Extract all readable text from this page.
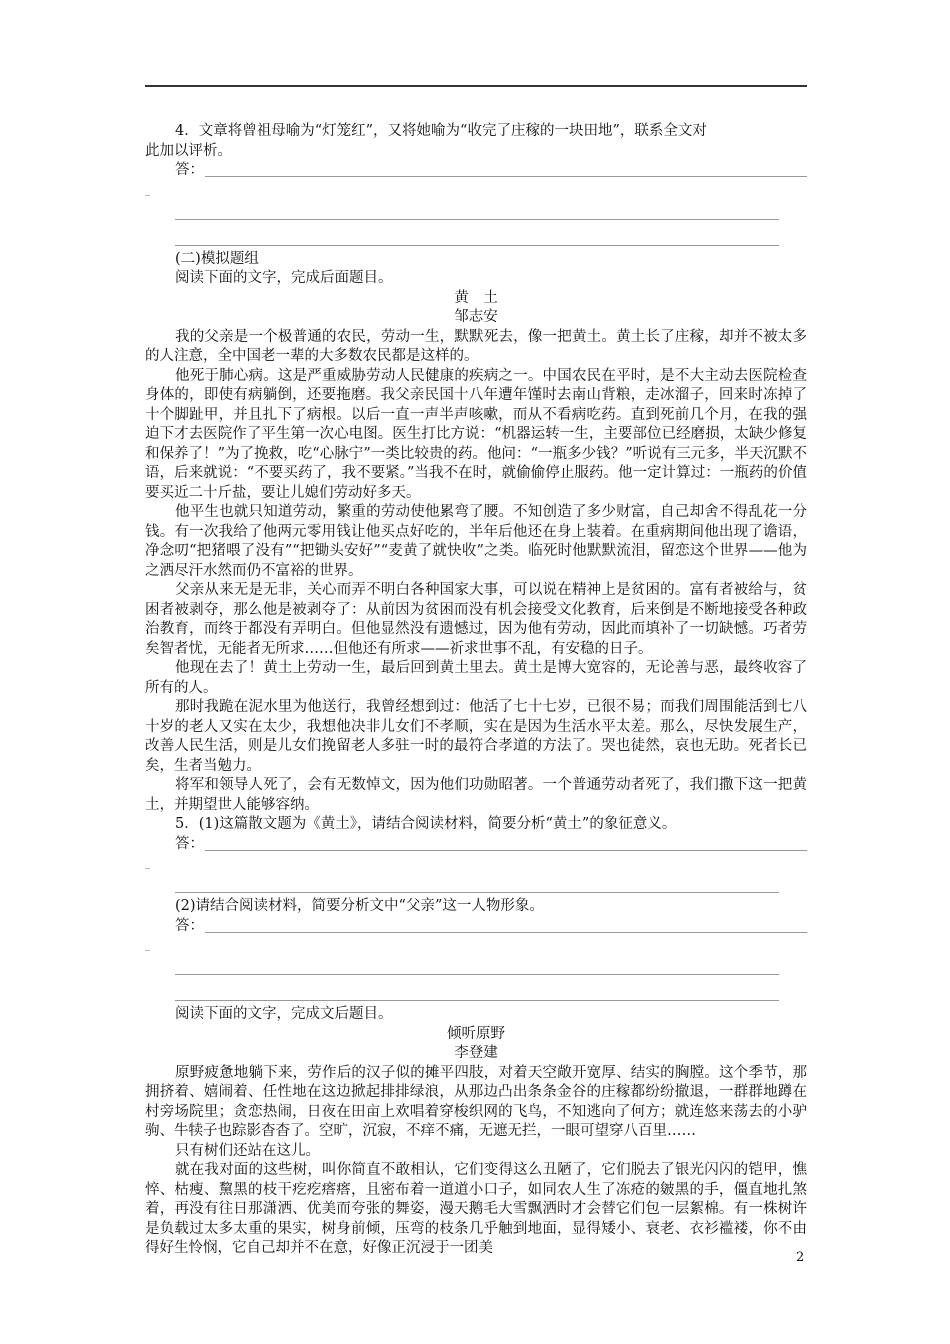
4．文章将曾祖母喻为“灯笼红”，又将她喻为“收完了庄稼的一块田地”，联系全文对

此加以评析。

答：
_
(二)模拟题组
阅读下面的文字，完成后面题目。
黄　土
邹志安

我的父亲是一个极普通的农民，劳动一生，默默死去，像一把黄土。黄土长了庄稼，却并不被太多的人注意，全中国老一辈的大多数农民都是这样的。

他死于肺心病。这是严重威胁劳动人民健康的疾病之一。中国农民在平时，是不大主动去医院检查身体的，即使有病躺倒，还要拖磨。我父亲民国十八年遭年馑时去南山背粮，走冰溜子，回来时冻掉了十个脚趾甲，并且扎下了病根。以后一直一声半声咳嗽，而从不看病吃药。直到死前几个月，在我的强迫下才去医院作了平生第一次心电图。医生打比方说：“机器运转一生，主要部位已经磨损，太缺少修复和保养了！”为了挽救，吃“心脉宁”一类比较贵的药。他问：“一瓶多少钱？”听说有三元多，半天沉默不语，后来就说：“不要买药了，我不要紧。”当我不在时，就偷偷停止服药。他一定计算过：一瓶药的价值要买近二十斤盐，要让儿媳们劳动好多天。

他平生也就只知道劳动，繁重的劳动使他累弯了腰。不知创造了多少财富，自己却舍不得乱花一分钱。有一次我给了他两元零用钱让他买点好吃的，半年后他还在身上装着。在重病期间他出现了谵语，净念叨“把猪喂了没有”“把锄头安好”“麦黄了就快收”之类。临死时他默默流泪，留恋这个世界——他为之洒尽汗水然而仍不富裕的世界。

父亲从来无是无非，关心而弄不明白各种国家大事，可以说在精神上是贫困的。富有者被给与，贫困者被剥夺，那么他是被剥夺了：从前因为贫困而没有机会接受文化教育，后来倒是不断地接受各种政治教育，而终于都没有弄明白。但他显然没有遗憾过，因为他有劳动，因此而填补了一切缺憾。巧者劳矣智者忧，无能者无所求……但他还有所求——祈求世事不乱，有安稳的日子。

他现在去了！黄土上劳动一生，最后回到黄土里去。黄土是博大宽容的，无论善与恶，最终收容了所有的人。

那时我跪在泥水里为他送行，我曾经想到过：他活了七十七岁，已很不易；而我们周围能活到七八十岁的老人又实在太少，我想他决非儿女们不孝顺，实在是因为生活水平太差。那么，尽快发展生产，改善人民生活，则是儿女们挽留老人多驻一时的最符合孝道的方法了。哭也徒然，哀也无助。死者长已矣，生者当勉力。

将军和领导人死了，会有无数悼文，因为他们功勋昭著。一个普通劳动者死了，我们撒下这一把黄土，并期望世人能够容纳。

5．(1)这篇散文题为《黄土》，请结合阅读材料，简要分析“黄土”的象征意义。

答：
_

(2)请结合阅读材料，简要分析文中“父亲”这一人物形象。

答：
_
阅读下面的文字，完成文后题目。
倾听原野
李登建

原野疲惫地躺下来，劳作后的汉子似的摊平四肢，对着天空敞开宽厚、结实的胸膛。这个季节，那拥挤着、嬉闹着、任性地在这边掀起排排绿浪，从那边凸出条条金谷的庄稼都纷纷撤退，一群群地蹲在村旁场院里；贪恋热闹，日夜在田亩上欢唱着穿梭织网的飞鸟，不知逃向了何方；就连悠来荡去的小驴驹、牛犊子也踪影杳杳了。空旷，沉寂，不痒不痛，无遮无拦，一眼可望穿八百里……

只有树们还站在这儿。

就在我对面的这些树，叫你简直不敢相认，它们变得这么丑陋了，它们脱去了银光闪闪的铠甲，憔悴、枯瘦、黧黑的枝干疙疙瘩瘩，且密布着一道道小口子，如同农人生了冻疮的皴黑的手，僵直地扎煞着，再没有往日那潇洒、优美而夸张的舞姿，漫天鹅毛大雪飘洒时才会替它们包一层絮棉。有一株树许是负载过太多太重的果实，树身前倾，压弯的枝条几乎触到地面，显得矮小、衰老、衣衫褴褛，你不由得好生怜悯，它自己却并不在意，好像正沉浸于一团美

2
